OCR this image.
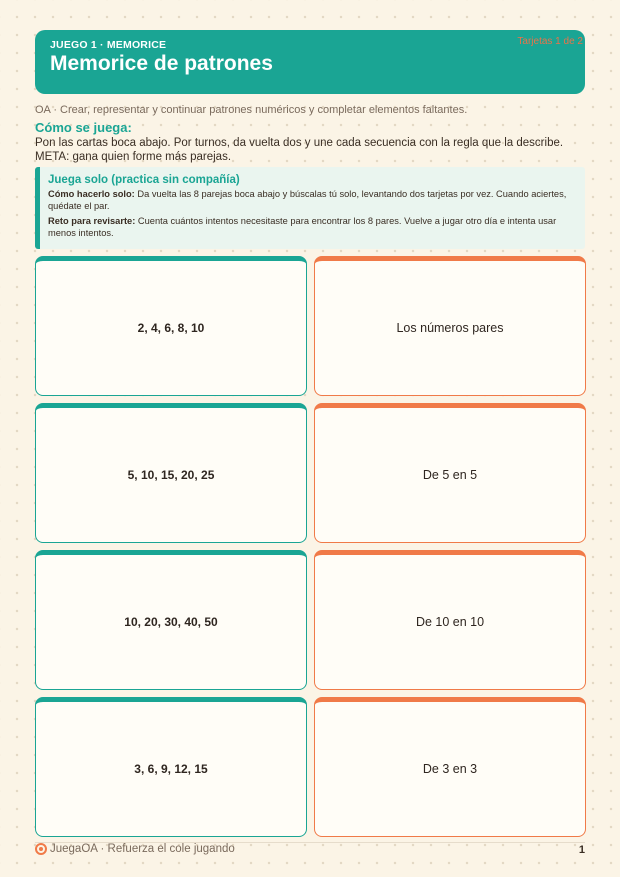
JUEGO 1 · MEMORICE
Memorice de patrones
Tarjetas 1 de 2
OA · Crear, representar y continuar patrones numéricos y completar elementos faltantes.
Cómo se juega:
Pon las cartas boca abajo. Por turnos, da vuelta dos y une cada secuencia con la regla que la describe. META: gana quien forme más parejas.
Juega solo (practica sin compañía)

Cómo hacerlo solo: Da vuelta las 8 parejas boca abajo y búscalas tú solo, levantando dos tarjetas por vez. Cuando aciertes, quédate el par.

Reto para revisarte: Cuenta cuántos intentos necesitaste para encontrar los 8 pares. Vuelve a jugar otro día e intenta usar menos intentos.

2, 4, 6, 8, 10	Los números pares
5, 10, 15, 20, 25	De 5 en 5
10, 20, 30, 40, 50	De 10 en 10
3, 6, 9, 12, 15	De 3 en 3
JuegaOA · Refuerza el cole jugando	1
